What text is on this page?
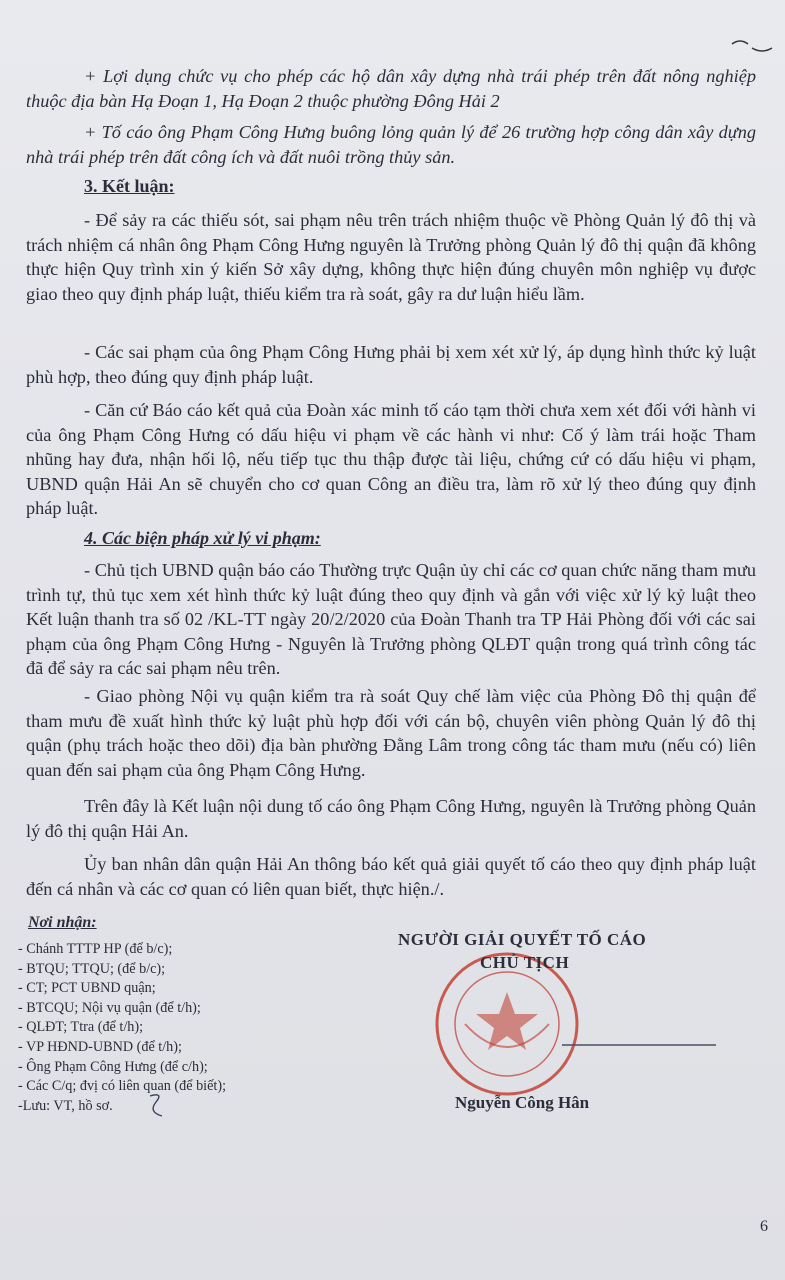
+ Lợi dụng chức vụ cho phép các hộ dân xây dựng nhà trái phép trên đất nông nghiệp thuộc địa bàn Hạ Đoạn 1, Hạ Đoạn 2 thuộc phường Đông Hải 2
+ Tố cáo ông Phạm Công Hưng buông lỏng quản lý để 26 trường hợp công dân xây dựng nhà trái phép trên đất công ích và đất nuôi trồng thủy sản.
3. Kết luận:
- Để sảy ra các thiếu sót, sai phạm nêu trên trách nhiệm thuộc về Phòng Quản lý đô thị và trách nhiệm cá nhân ông Phạm Công Hưng nguyên là Trưởng phòng Quản lý đô thị quận đã không thực hiện Quy trình xin ý kiến Sở xây dựng, không thực hiện đúng chuyên môn nghiệp vụ được giao theo quy định pháp luật, thiếu kiểm tra rà soát, gây ra dư luận hiểu lầm.
- Các sai phạm của ông Phạm Công Hưng phải bị xem xét xử lý, áp dụng hình thức kỷ luật phù hợp, theo đúng quy định pháp luật.
- Căn cứ Báo cáo kết quả của Đoàn xác minh tố cáo tạm thời chưa xem xét đối với hành vi của ông Phạm Công Hưng có dấu hiệu vi phạm về các hành vi như: Cố ý làm trái hoặc Tham nhũng hay đưa, nhận hối lộ, nếu tiếp tục thu thập được tài liệu, chứng cứ có dấu hiệu vi phạm, UBND quận Hải An sẽ chuyển cho cơ quan Công an điều tra, làm rõ xử lý theo đúng quy định pháp luật.
4. Các biện pháp xử lý vi phạm:
- Chủ tịch UBND quận báo cáo Thường trực Quận ủy chỉ các cơ quan chức năng tham mưu trình tự, thủ tục xem xét hình thức kỷ luật đúng theo quy định và gắn với việc xử lý kỷ luật theo Kết luận thanh tra số 02 /KL-TT ngày 20/2/2020 của Đoàn Thanh tra TP Hải Phòng đối với các sai phạm của ông Phạm Công Hưng - Nguyên là Trưởng phòng QLĐT quận trong quá trình công tác đã để sảy ra các sai phạm nêu trên.
- Giao phòng Nội vụ quận kiểm tra rà soát Quy chế làm việc của Phòng Đô thị quận để tham mưu đề xuất hình thức kỷ luật phù hợp đối với cán bộ, chuyên viên phòng Quản lý đô thị quận (phụ trách hoặc theo dõi) địa bàn phường Đằng Lâm trong công tác tham mưu (nếu có) liên quan đến sai phạm của ông Phạm Công Hưng.
Trên đây là Kết luận nội dung tố cáo ông Phạm Công Hưng, nguyên là Trưởng phòng Quản lý đô thị quận Hải An.
Ủy ban nhân dân quận Hải An thông báo kết quả giải quyết tố cáo theo quy định pháp luật đến cá nhân và các cơ quan có liên quan biết, thực hiện./.
Nơi nhận:
- Chánh TTTP HP (để b/c);
- BTQU; TTQU; (để b/c);
- CT; PCT UBND quận;
- BTCQU; Nội vụ quận (để t/h);
- QLĐT; Ttra (để t/h);
- VP HĐND-UBND (để t/h);
- Ông Phạm Công Hưng (để c/h);
- Các C/q; đvị có liên quan (để biết);
-Lưu: VT, hồ sơ.
NGƯỜI GIẢI QUYẾT TỐ CÁO
CHỦ TỊCH
Nguyễn Công Hân
6
